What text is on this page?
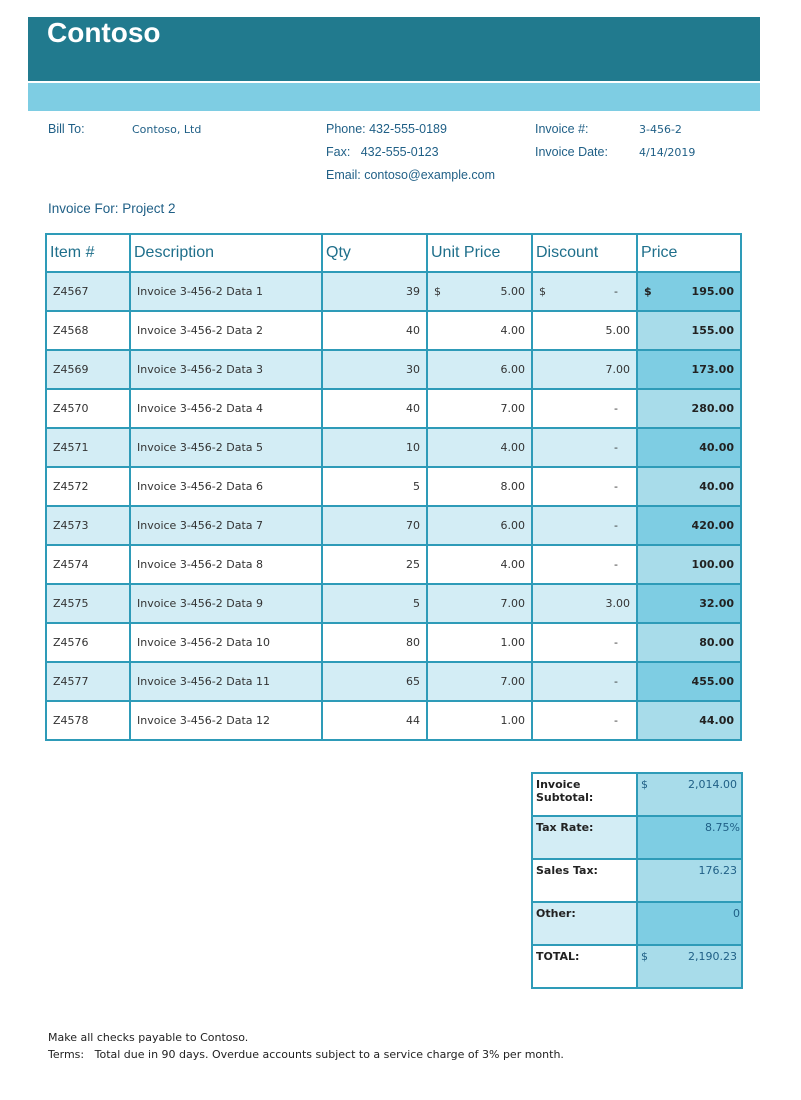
Contoso
Bill To:	Contoso, Ltd	Phone: 432-555-0189
Fax: 432-555-0123
Email: contoso@example.com
Invoice #:	3-456-2
Invoice Date:	4/14/2019
Invoice For: Project 2
Item #	Description	Qty	Unit Price	Discount	Price
Z4567	Invoice 3-456-2 Data 1	39	$ 5.00	$ -	$ 195.00

Z4568	Invoice 3-456-2 Data 2	40	4.00	5.00	155.00
Z4569	Invoice 3-456-2 Data 3	30	6.00	7.00	173.00
Z4570	Invoice 3-456-2 Data 4	40	7.00	-	280.00
Z4571	Invoice 3-456-2 Data 5	10	4.00	-	40.00
Z4572	Invoice 3-456-2 Data 6	5	8.00	-	40.00
Z4573	Invoice 3-456-2 Data 7	70	6.00	-	420.00
Z4574	Invoice 3-456-2 Data 8	25	4.00	-	100.00
Z4575	Invoice 3-456-2 Data 9	5	7.00	3.00	32.00
Z4576	Invoice 3-456-2 Data 10	80	1.00	-	80.00
Z4577	Invoice 3-456-2 Data 11	65	7.00	-	455.00
Z4578	Invoice 3-456-2 Data 12	44	1.00	-	44.00
Invoice Subtotal:	$ 2,014.00

Tax Rate:	8.75%
Sales Tax:	176.23
Other:	0
TOTAL:	$ 2,190.23
Make all checks payable to Contoso.
Terms: Total due in 90 days. Overdue accounts subject to a service charge of 3% per month.
